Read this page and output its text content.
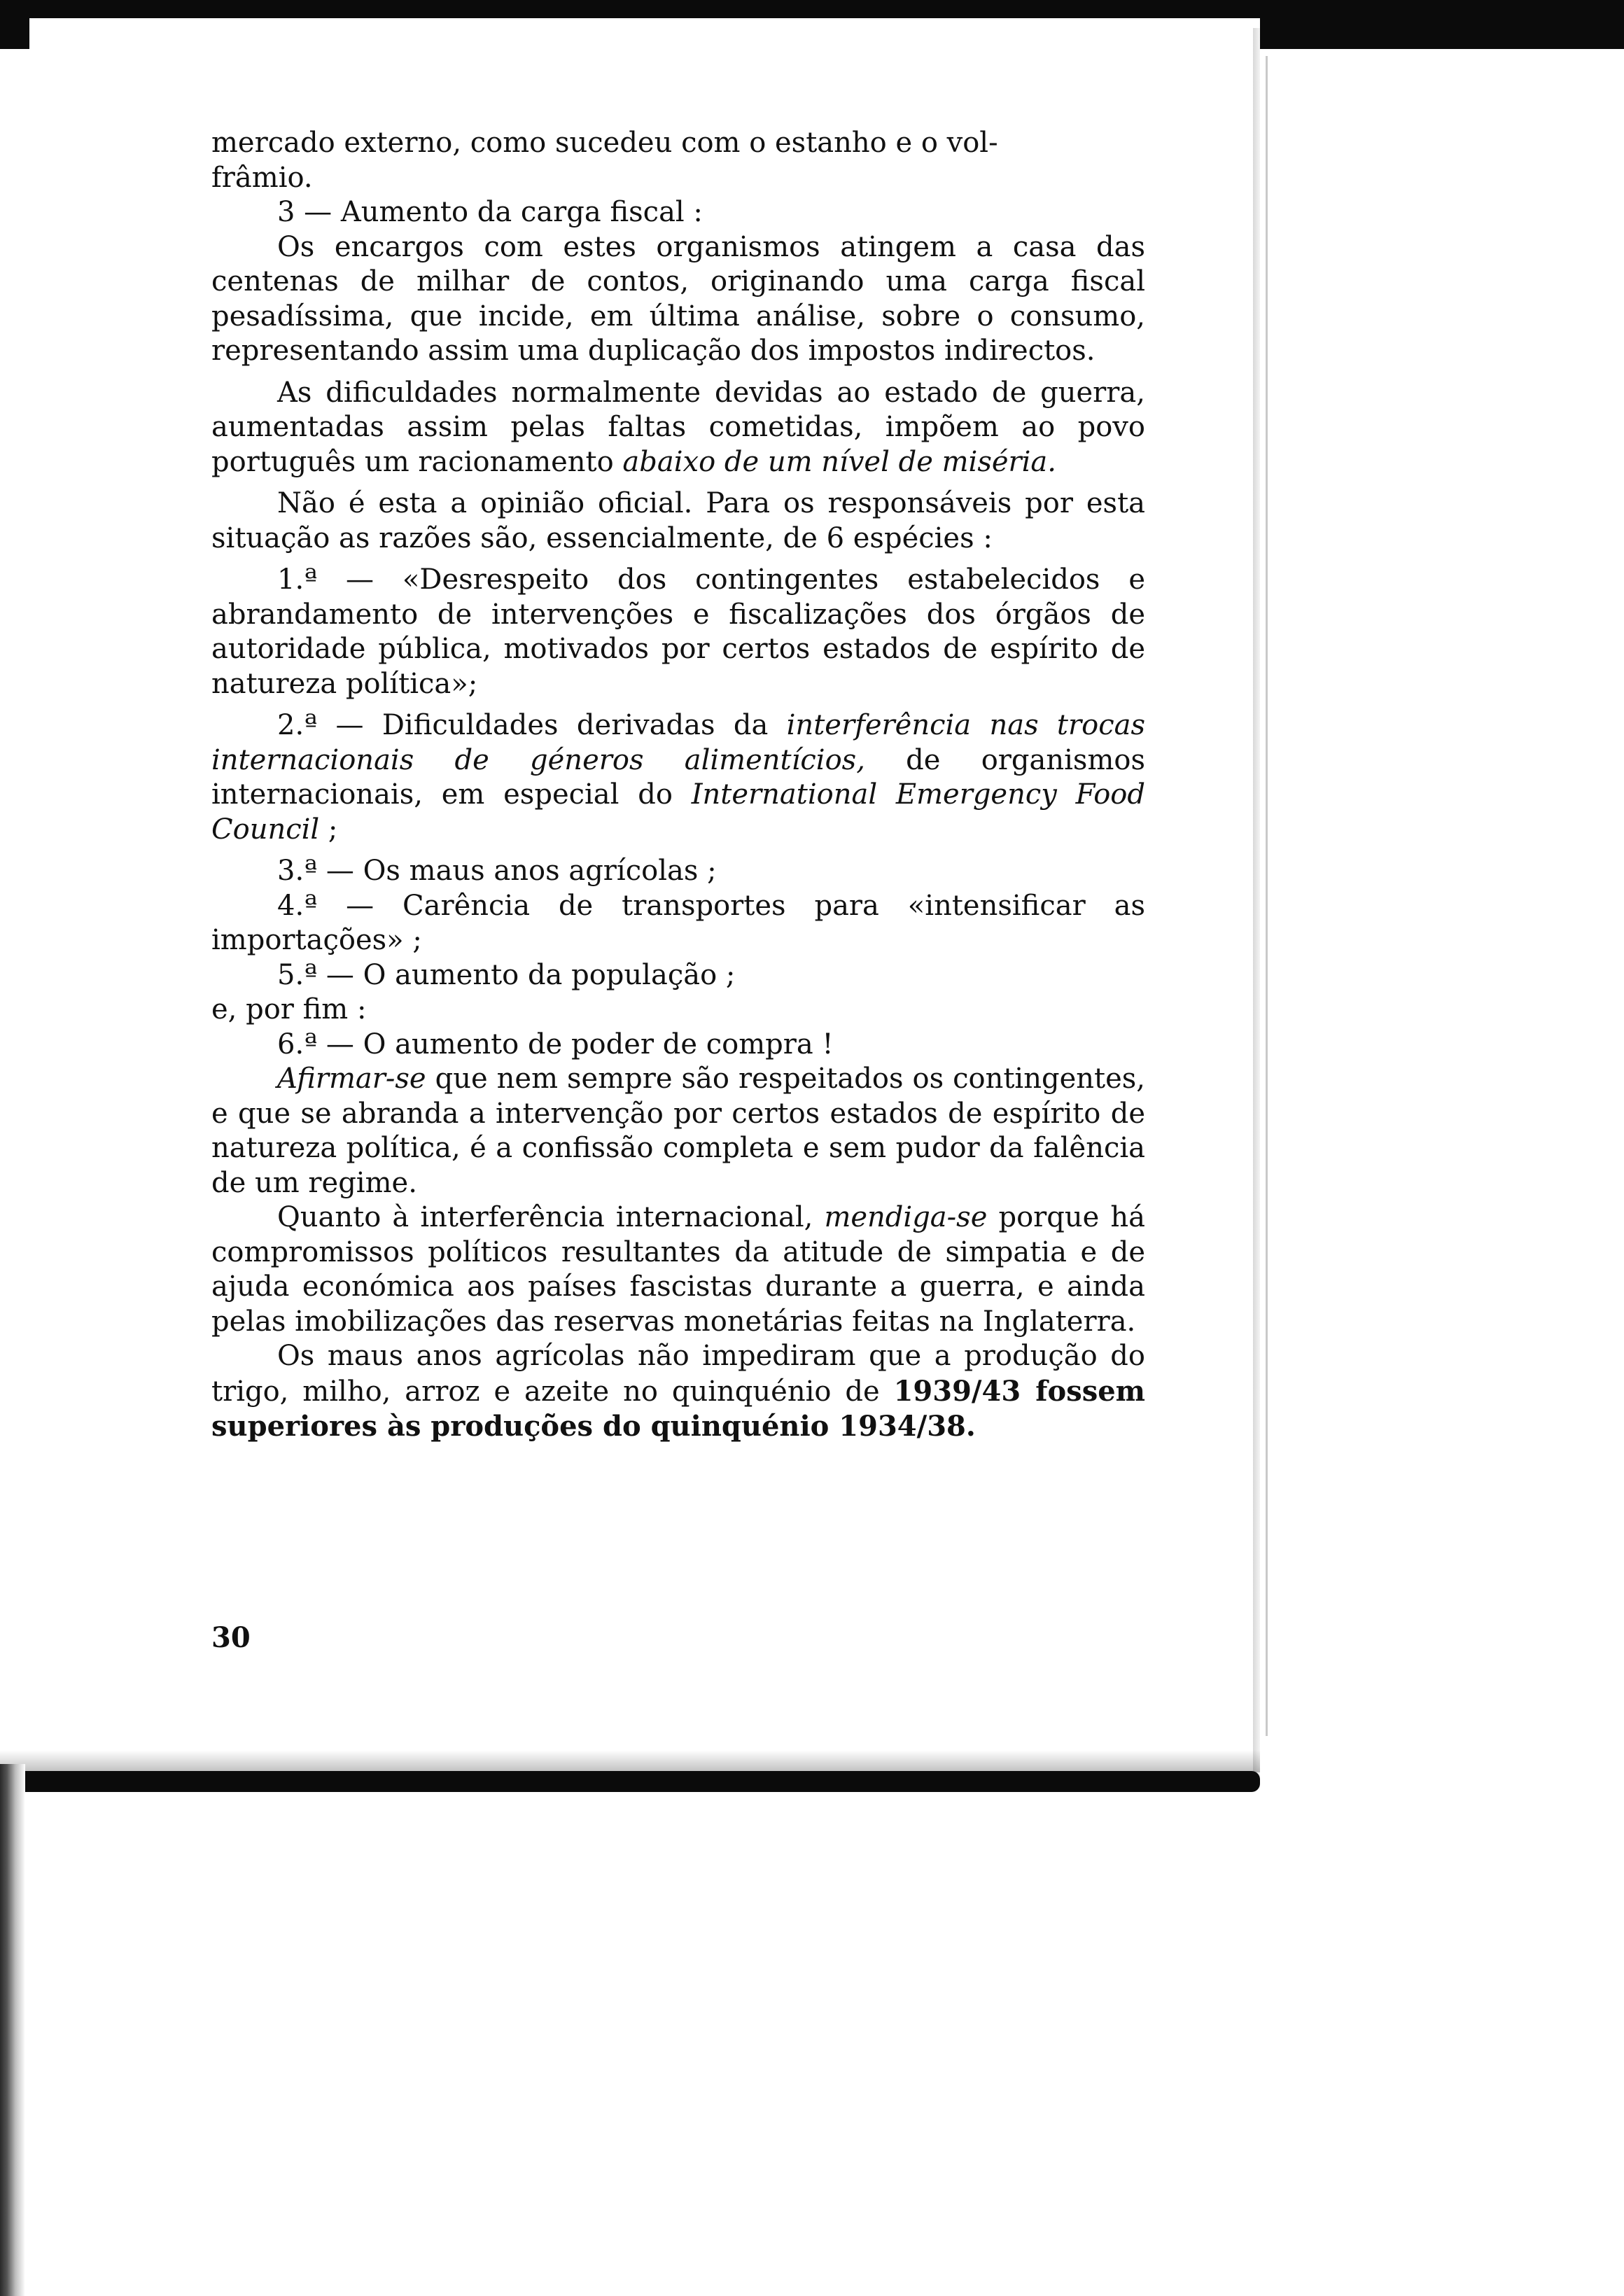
mercado externo, como sucedeu com o estanho e o vol-
frâmio.

3 — Aumento da carga fiscal :

Os encargos com estes organismos atingem a casa das centenas de milhar de contos, originando uma carga fiscal pesadíssima, que incide, em última análise, sobre o consumo, representando assim uma duplicação dos impostos indirectos.

As dificuldades normalmente devidas ao estado de guerra, aumentadas assim pelas faltas cometidas, impõem ao povo português um racionamento abaixo de um nível de miséria.

Não é esta a opinião oficial. Para os responsáveis por esta situação as razões são, essencialmente, de 6 espécies :

1.ª — «Desrespeito dos contingentes estabelecidos e abrandamento de intervenções e fiscalizações dos órgãos de autoridade pública, motivados por certos estados de espírito de natureza política»;

2.ª — Dificuldades derivadas da interferência nas trocas internacionais de géneros alimentícios, de organismos internacionais, em especial do International Emergency Food Council ;

3.ª — Os maus anos agrícolas ;

4.ª — Carência de transportes para «intensificar as importações» ;

5.ª — O aumento da população ;

e, por fim :

6.ª — O aumento de poder de compra !

Afirmar-se que nem sempre são respeitados os contingentes, e que se abranda a intervenção por certos estados de espírito de natureza política, é a confissão completa e sem pudor da falência de um regime.

Quanto à interferência internacional, mendiga-se porque há compromissos políticos resultantes da atitude de simpatia e de ajuda económica aos países fascistas durante a guerra, e ainda pelas imobilizações das reservas monetárias feitas na Inglaterra.

Os maus anos agrícolas não impediram que a produção do trigo, milho, arroz e azeite no quinquénio de 1939/43 fossem superiores às produções do quinquénio 1934/38.

30
